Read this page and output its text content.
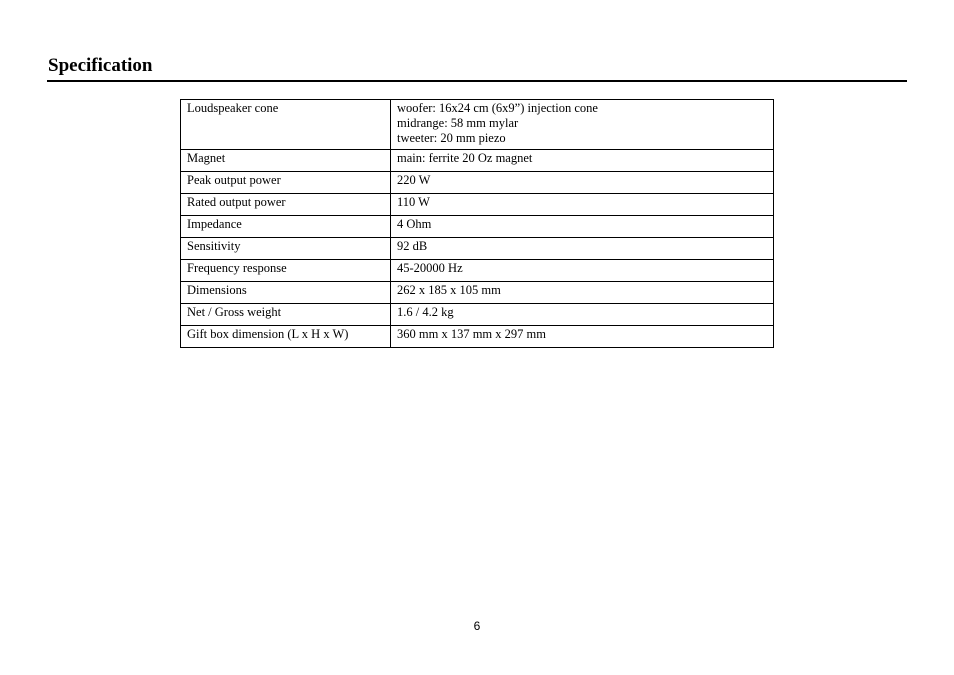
Specification
Loudspeaker cone	woofer: 16x24 cm (6x9”) injection cone
midrange: 58 mm mylar
tweeter: 20 mm piezo

Magnet	main: ferrite 20 Oz magnet
Peak output power	220 W
Rated output power	110 W
Impedance	4 Ohm
Sensitivity	92 dB
Frequency response	45-20000 Hz
Dimensions	262 x 185 x 105 mm
Net / Gross weight	1.6 / 4.2 kg
Gift box dimension (L x H x W)	360 mm x 137 mm x 297 mm
6
